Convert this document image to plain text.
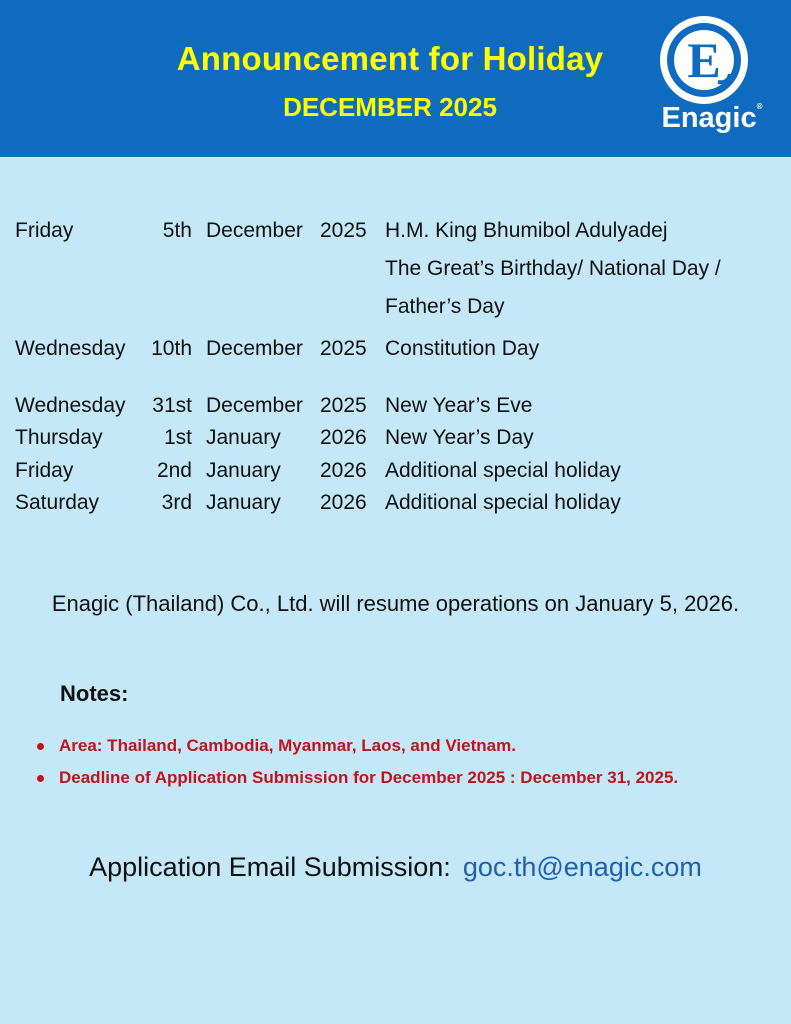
Announcement for Holiday
DECEMBER 2025
E
Enagic®
Friday	5th December 2025 H.M. King Bhumibol Adulyadej
The Great’s Birthday/ National Day /
Father’s Day
Wednesday	10th December 2025 Constitution Day
Wednesday	31st December 2025 New Year’s Eve
Thursday	1st January 2026 New Year’s Day
Friday	2nd January 2026 Additional special holiday
Saturday	3rd January 2026 Additional special holiday
Enagic (Thailand) Co., Ltd. will resume operations on January 5, 2026.
Notes:
Area: Thailand, Cambodia, Myanmar, Laos, and Vietnam.
Deadline of Application Submission for December 2025 : December 31, 2025.
Application Email Submission: goc.th@enagic.com
